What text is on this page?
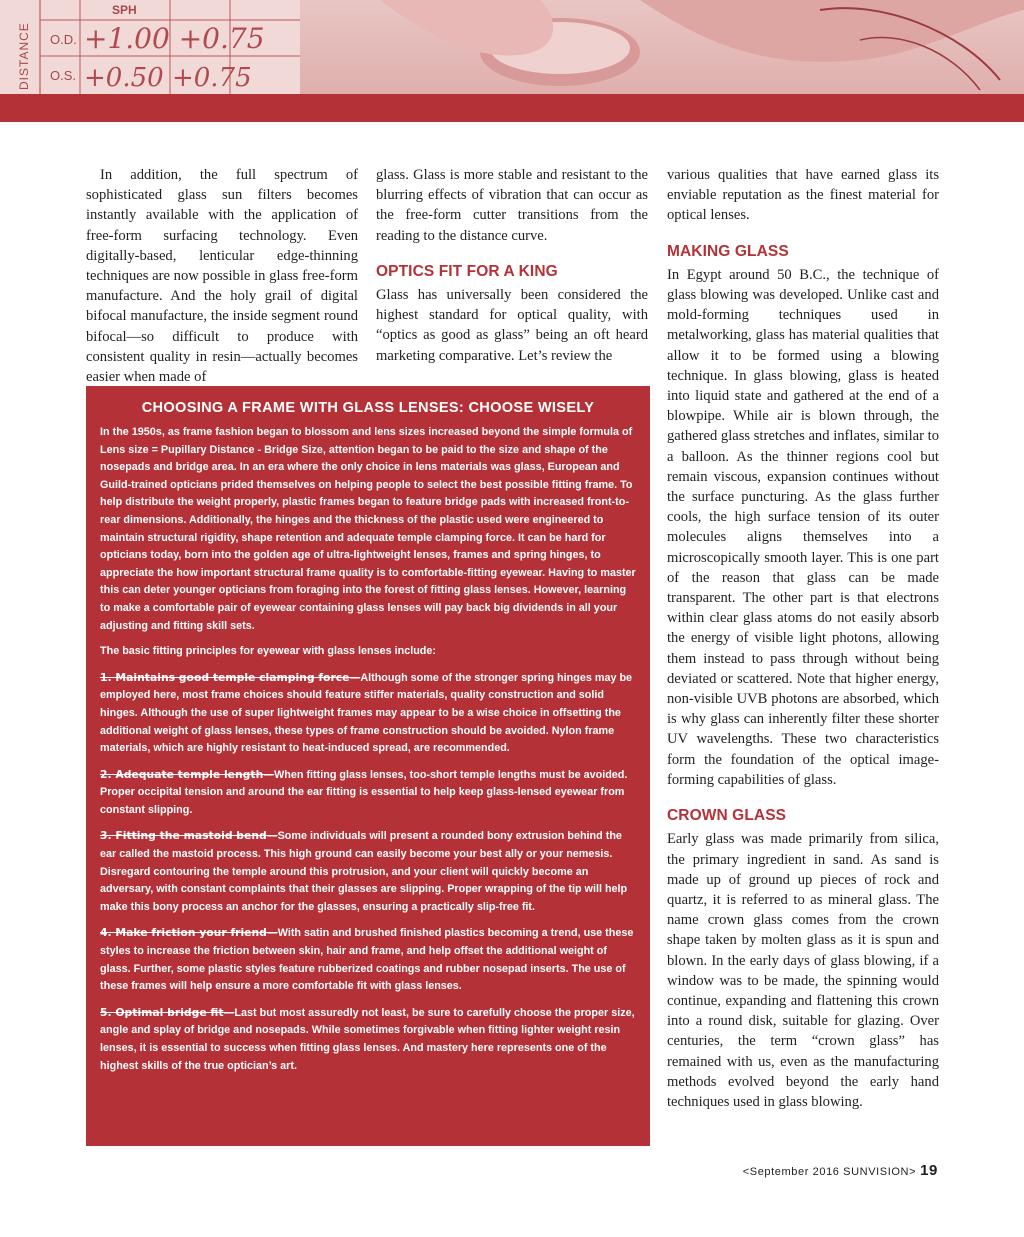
DISTANCE
SPH
O.D.
O.S.
+1.00 +0.75
+0.50 +0.75

In addition, the full spectrum of sophisticated glass sun filters becomes instantly available with the application of free-form surfacing technology. Even digitally-based, lenticular edge-thinning techniques are now possible in glass free-form manufacture. And the holy grail of digital bifocal manufacture, the inside segment round bifocal—so difficult to produce with consistent quality in resin—actually becomes easier when made of

glass. Glass is more stable and resistant to the blurring effects of vibration that can occur as the free-form cutter transitions from the reading to the distance curve.

OPTICS FIT FOR A KING

Glass has universally been considered the highest standard for optical quality, with “optics as good as glass” being an oft heard marketing comparative. Let’s review the

various qualities that have earned glass its enviable reputation as the finest material for optical lenses.

MAKING GLASS

In Egypt around 50 B.C., the technique of glass blowing was developed. Unlike cast and mold-forming techniques used in metalworking, glass has material qualities that allow it to be formed using a blowing technique. In glass blowing, glass is heated into liquid state and gathered at the end of a blowpipe. While air is blown through, the gathered glass stretches and inflates, similar to a balloon. As the thinner regions cool but remain viscous, expansion continues without the surface puncturing. As the glass further cools, the high surface tension of its outer molecules aligns themselves into a microscopically smooth layer. This is one part of the reason that glass can be made transparent. The other part is that electrons within clear glass atoms do not easily absorb the energy of visible light photons, allowing them instead to pass through without being deviated or scattered. Note that higher energy, non-visible UVB photons are absorbed, which is why glass can inherently filter these shorter UV wavelengths. These two characteristics form the foundation of the optical image-forming capabilities of glass.

CROWN GLASS

Early glass was made primarily from silica, the primary ingredient in sand. As sand is made up of ground up pieces of rock and quartz, it is referred to as mineral glass. The name crown glass comes from the crown shape taken by molten glass as it is spun and blown. In the early days of glass blowing, if a window was to be made, the spinning would continue, expanding and flattening this crown into a round disk, suitable for glazing. Over centuries, the term “crown glass” has remained with us, even as the manufacturing methods evolved beyond the early hand techniques used in glass blowing.

CHOOSING A FRAME WITH GLASS LENSES: CHOOSE WISELY

In the 1950s, as frame fashion began to blossom and lens sizes increased beyond the simple formula of Lens size = Pupillary Distance - Bridge Size, attention began to be paid to the size and shape of the nosepads and bridge area. In an era where the only choice in lens materials was glass, European and Guild-trained opticians prided themselves on helping people to select the best possible fitting frame. To help distribute the weight properly, plastic frames began to feature bridge pads with increased front-to-rear dimensions. Additionally, the hinges and the thickness of the plastic used were engineered to maintain structural rigidity, shape retention and adequate temple clamping force. It can be hard for opticians today, born into the golden age of ultra-lightweight lenses, frames and spring hinges, to appreciate the how important structural frame quality is to comfortable-fitting eyewear. Having to master this can deter younger opticians from foraging into the forest of fitting glass lenses. However, learning to make a comfortable pair of eyewear containing glass lenses will pay back big dividends in all your adjusting and fitting skill sets.

The basic fitting principles for eyewear with glass lenses include:

1. Maintains good temple clamping force—Although some of the stronger spring hinges may be employed here, most frame choices should feature stiffer materials, quality construction and solid hinges. Although the use of super lightweight frames may appear to be a wise choice in offsetting the additional weight of glass lenses, these types of frame construction should be avoided. Nylon frame materials, which are highly resistant to heat-induced spread, are recommended.

2. Adequate temple length—When fitting glass lenses, too-short temple lengths must be avoided. Proper occipital tension and around the ear fitting is essential to help keep glass-lensed eyewear from constant slipping.

3. Fitting the mastoid bend—Some individuals will present a rounded bony extrusion behind the ear called the mastoid process. This high ground can easily become your best ally or your nemesis. Disregard contouring the temple around this protrusion, and your client will quickly become an adversary, with constant complaints that their glasses are slipping. Proper wrapping of the tip will help make this bony process an anchor for the glasses, ensuring a practically slip-free fit.

4. Make friction your friend—With satin and brushed finished plastics becoming a trend, use these styles to increase the friction between skin, hair and frame, and help offset the additional weight of glass. Further, some plastic styles feature rubberized coatings and rubber nosepad inserts. The use of these frames will help ensure a more comfortable fit with glass lenses.

5. Optimal bridge fit—Last but most assuredly not least, be sure to carefully choose the proper size, angle and splay of bridge and nosepads. While sometimes forgivable when fitting lighter weight resin lenses, it is essential to success when fitting glass lenses. And mastery here represents one of the highest skills of the true optician’s art.

<September 2016 SUNVISION> 19
